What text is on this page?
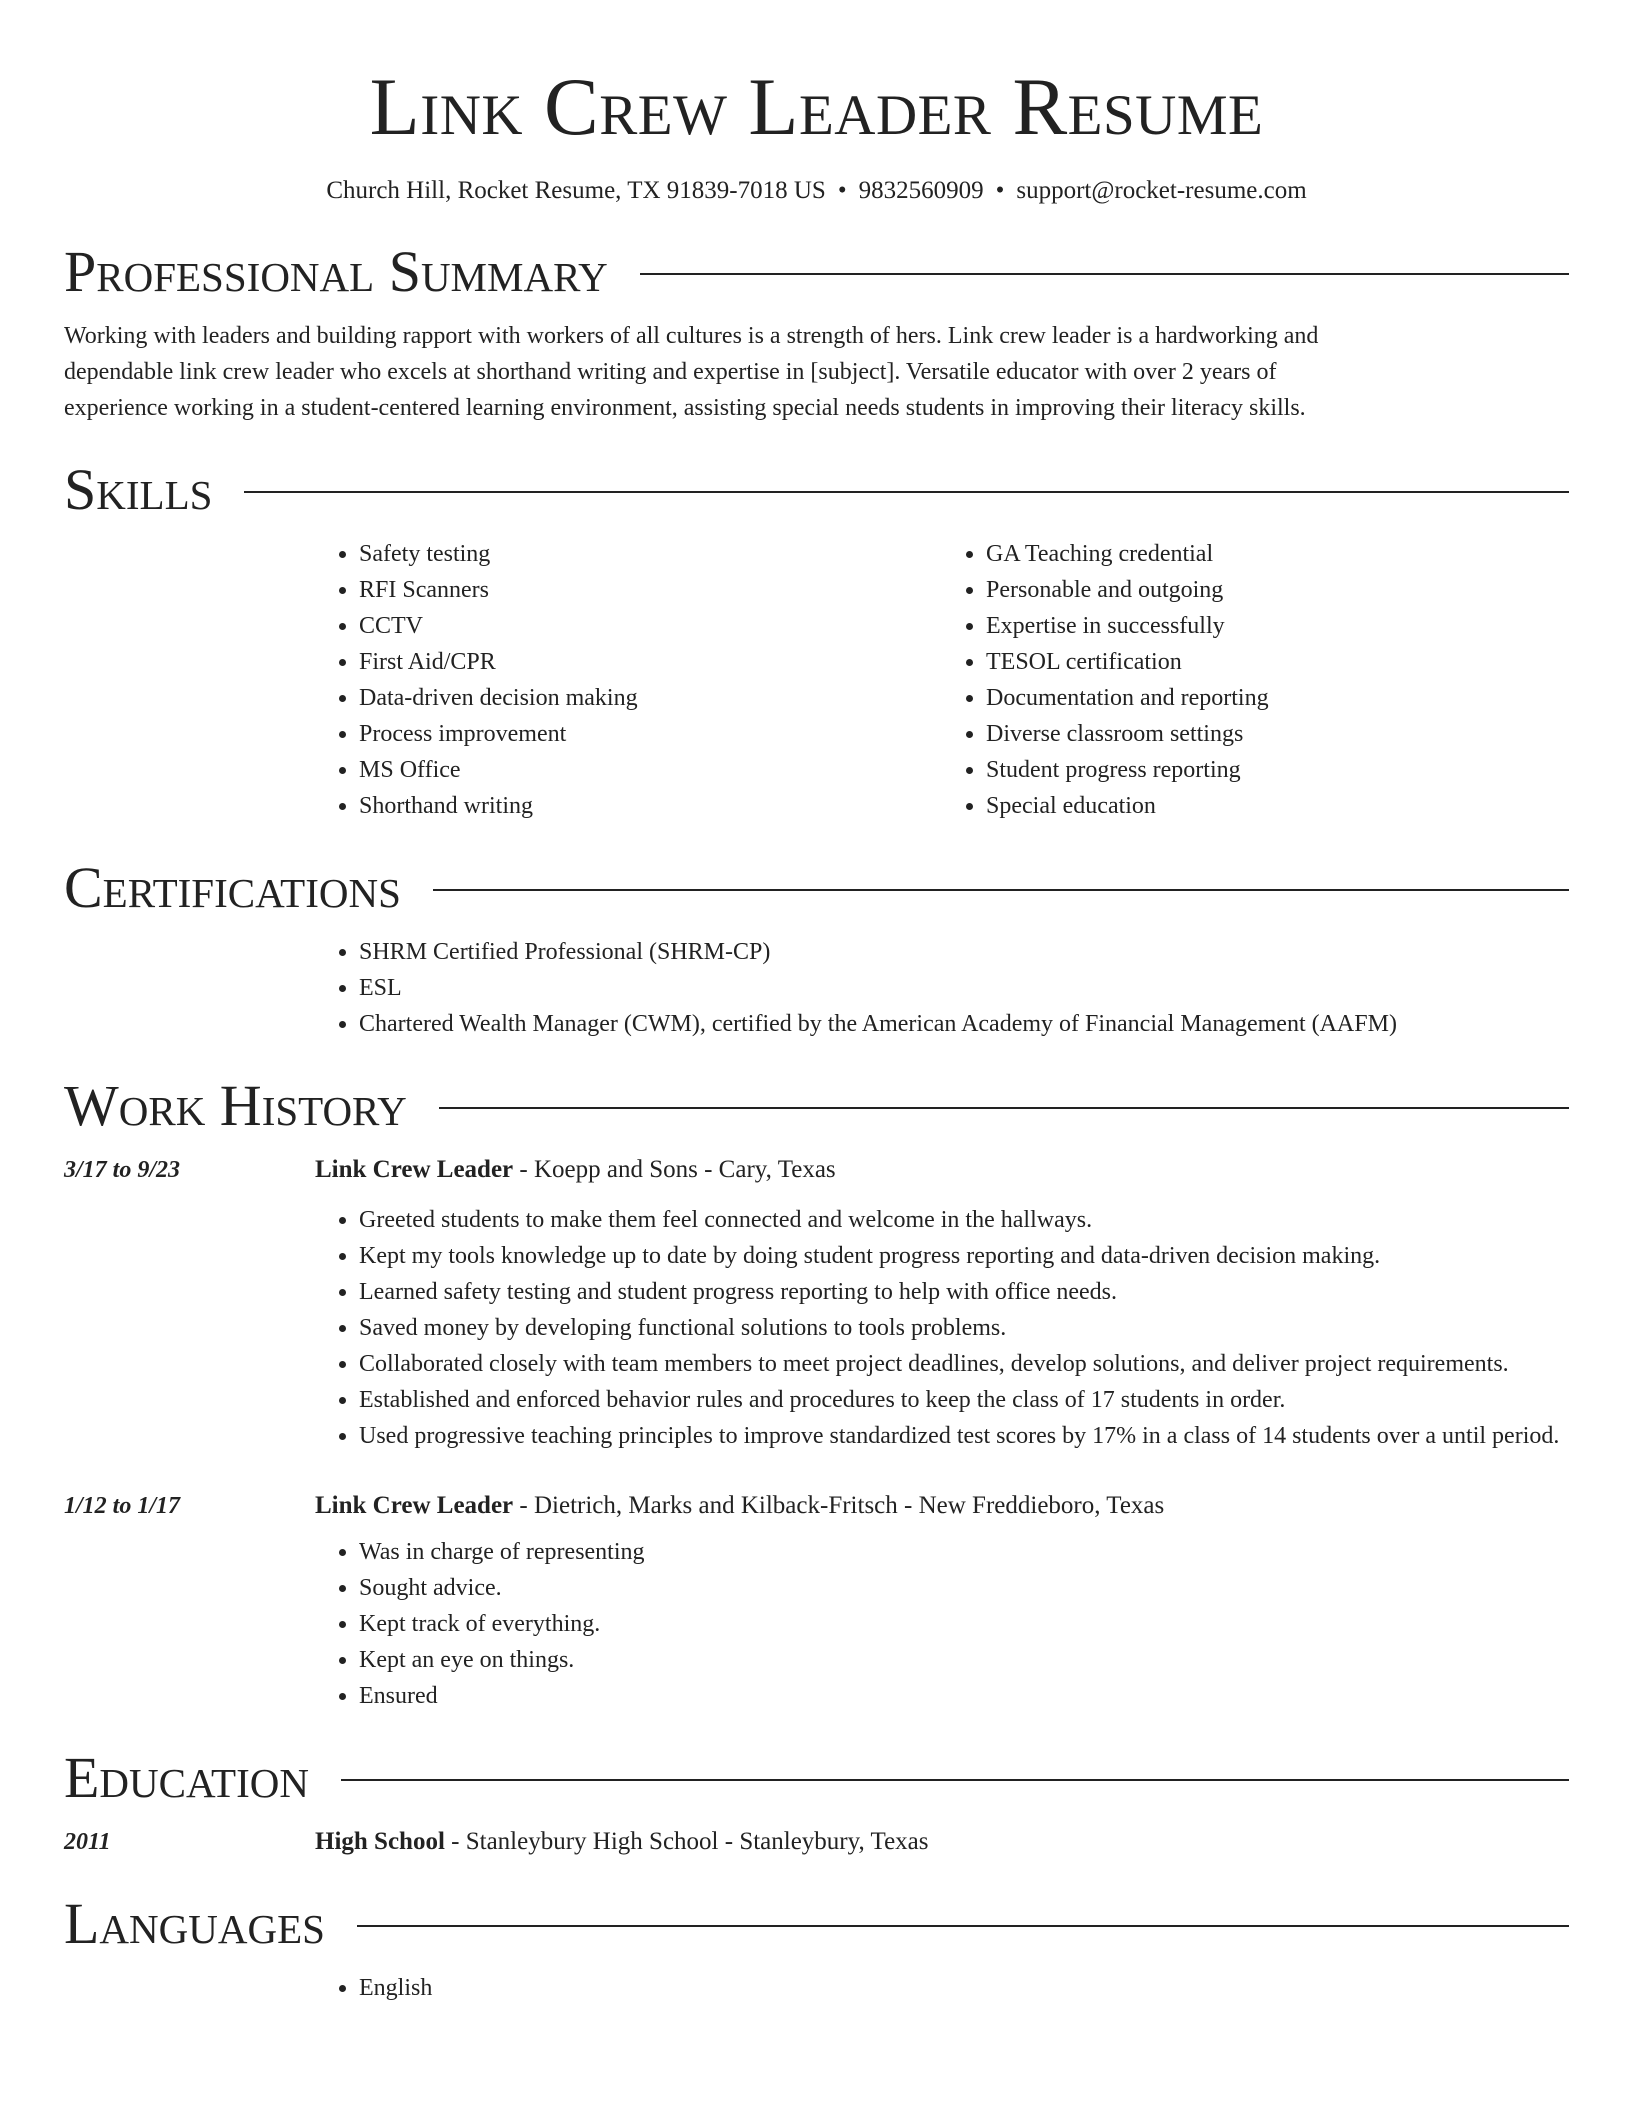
Link Crew Leader Resume
Church Hill, Rocket Resume, TX 91839-7018 US • 9832560909 • support@rocket-resume.com
Professional Summary

Working with leaders and building rapport with workers of all cultures is a strength of hers. Link crew leader is a hardworking and dependable link crew leader who excels at shorthand writing and expertise in [subject]. Versatile educator with over 2 years of experience working in a student-centered learning environment, assisting special needs students in improving their literacy skills.

Skills
• Safety testing
• RFI Scanners
• CCTV
• First Aid/CPR
• Data-driven decision making
• Process improvement
• MS Office
• Shorthand writing
• GA Teaching credential
• Personable and outgoing
• Expertise in successfully
• TESOL certification
• Documentation and reporting
• Diverse classroom settings
• Student progress reporting
• Special education
Certifications
• SHRM Certified Professional (SHRM-CP)
• ESL
• Chartered Wealth Manager (CWM), certified by the American Academy of Financial Management (AAFM)
Work History
3/17 to 9/23	Link Crew Leader - Koepp and Sons - Cary, Texas
• Greeted students to make them feel connected and welcome in the hallways.
• Kept my tools knowledge up to date by doing student progress reporting and data-driven decision making.
• Learned safety testing and student progress reporting to help with office needs.
• Saved money by developing functional solutions to tools problems.
• Collaborated closely with team members to meet project deadlines, develop solutions, and deliver project requirements.
• Established and enforced behavior rules and procedures to keep the class of 17 students in order.
• Used progressive teaching principles to improve standardized test scores by 17% in a class of 14 students over a until period.
1/12 to 1/17	Link Crew Leader - Dietrich, Marks and Kilback-Fritsch - New Freddieboro, Texas
• Was in charge of representing
• Sought advice.
• Kept track of everything.
• Kept an eye on things.
• Ensured
Education
2011	High School - Stanleybury High School - Stanleybury, Texas
Languages
• English
